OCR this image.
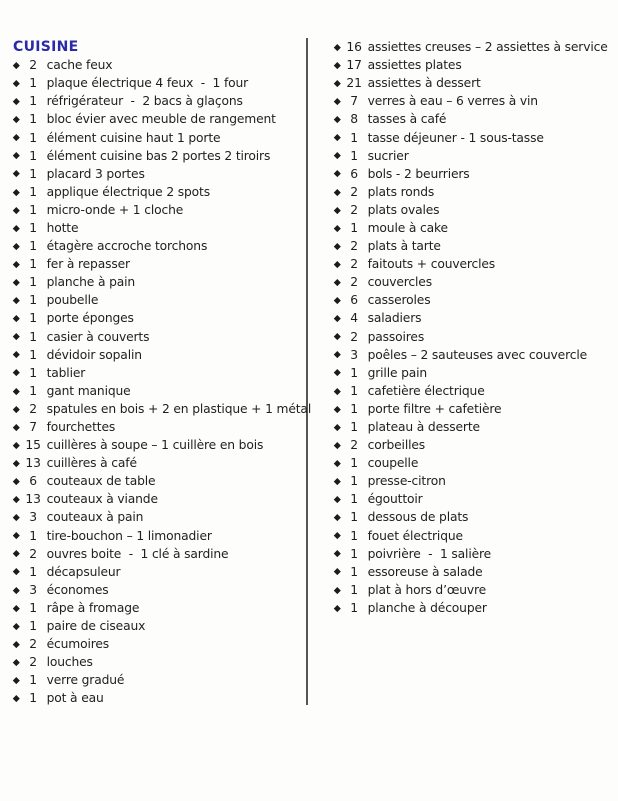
CUISINE
2 cache feux
1 plaque électrique 4 feux  -  1 four
1 réfrigérateur  -  2 bacs à glaçons
1 bloc évier avec meuble de rangement
1 élément cuisine haut 1 porte
1 élément cuisine bas 2 portes 2 tiroirs
1 placard 3 portes
1 applique électrique 2 spots
1 micro-onde + 1 cloche
1 hotte
1 étagère accroche torchons
1 fer à repasser
1 planche à pain
1 poubelle
1 porte éponges
1 casier à couverts
1 dévidoir sopalin
1 tablier
1 gant manique
2 spatules en bois + 2 en plastique + 1 métal
7 fourchettes
15 cuillères à soupe – 1 cuillère en bois
13 cuillères à café
6 couteaux de table
13 couteaux à viande
3 couteaux à pain
1 tire-bouchon – 1 limonadier
2 ouvres boite  -  1 clé à sardine
1 décapsuleur
3 économes
1 râpe à fromage
1 paire de ciseaux
2 écumoires
2 louches
1 verre gradué
1 pot à eau
16 assiettes creuses – 2 assiettes à service
17 assiettes plates
21 assiettes à dessert
7 verres à eau – 6 verres à vin
8 tasses à café
1 tasse déjeuner - 1 sous-tasse
1 sucrier
6 bols - 2 beurriers
2 plats ronds
2 plats ovales
1 moule à cake
2 plats à tarte
2 faitouts + couvercles
2 couvercles
6 casseroles
4 saladiers
2 passoires
3 poêles – 2 sauteuses avec couvercle
1 grille pain
1 cafetière électrique
1 porte filtre + cafetière
1 plateau à desserte
2 corbeilles
1 coupelle
1 presse-citron
1 égouttoir
1 dessous de plats
1 fouet électrique
1 poivrière  -  1 salière
1 essoreuse à salade
1 plat à hors d’œuvre
1 planche à découper
